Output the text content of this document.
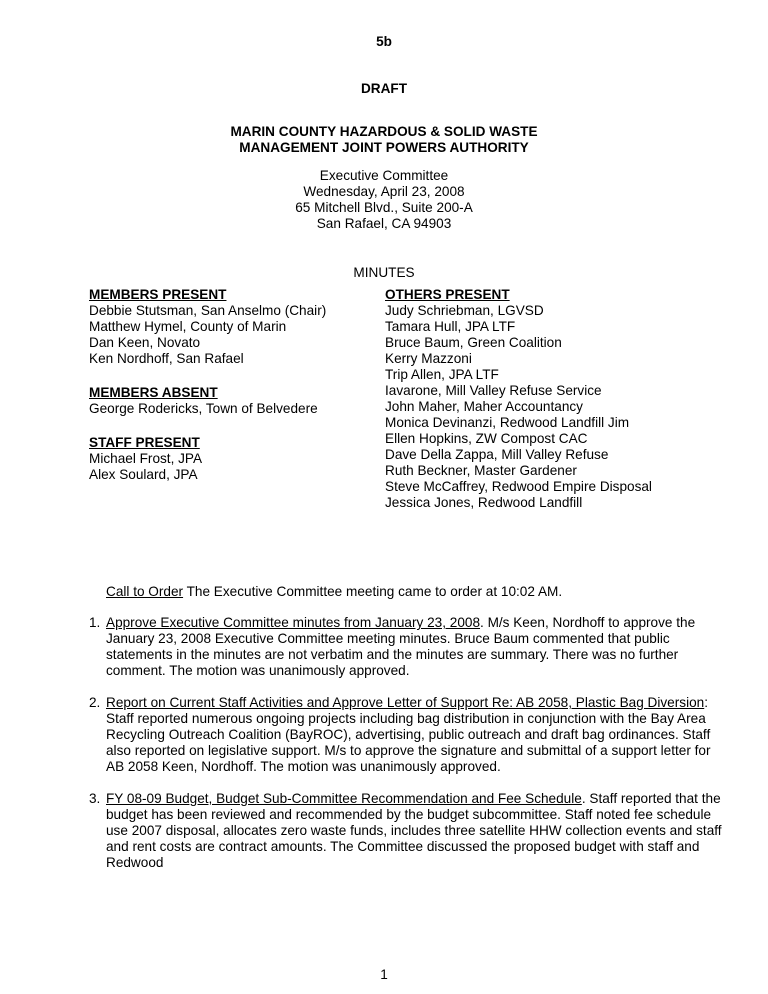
5b
DRAFT
MARIN COUNTY HAZARDOUS & SOLID WASTE
MANAGEMENT JOINT POWERS AUTHORITY
Executive Committee
Wednesday, April 23, 2008
65 Mitchell Blvd., Suite 200-A
San Rafael, CA 94903
MINUTES
MEMBERS PRESENT
Debbie Stutsman, San Anselmo (Chair)
Matthew Hymel, County of Marin
Dan Keen, Novato
Ken Nordhoff, San Rafael
MEMBERS ABSENT
George Rodericks, Town of Belvedere
STAFF PRESENT
Michael Frost, JPA
Alex Soulard, JPA
OTHERS PRESENT
Judy Schriebman, LGVSD
Tamara Hull, JPA LTF
Bruce Baum, Green Coalition
Kerry Mazzoni
Trip Allen, JPA LTF
Iavarone, Mill Valley Refuse Service
John Maher, Maher Accountancy
Monica Devinanzi, Redwood Landfill Jim
Ellen Hopkins, ZW Compost CAC
Dave Della Zappa, Mill Valley Refuse
Ruth Beckner, Master Gardener
Steve McCaffrey, Redwood Empire Disposal
Jessica Jones, Redwood Landfill
Call to Order The Executive Committee meeting came to order at 10:02 AM.
1. Approve Executive Committee minutes from January 23, 2008. M/s Keen, Nordhoff to approve the January 23, 2008 Executive Committee meeting minutes. Bruce Baum commented that public statements in the minutes are not verbatim and the minutes are summary. There was no further comment. The motion was unanimously approved.
2. Report on Current Staff Activities and Approve Letter of Support Re: AB 2058, Plastic Bag Diversion: Staff reported numerous ongoing projects including bag distribution in conjunction with the Bay Area Recycling Outreach Coalition (BayROC), advertising, public outreach and draft bag ordinances. Staff also reported on legislative support. M/s to approve the signature and submittal of a support letter for AB 2058 Keen, Nordhoff. The motion was unanimously approved.
3. FY 08-09 Budget, Budget Sub-Committee Recommendation and Fee Schedule. Staff reported that the budget has been reviewed and recommended by the budget subcommittee. Staff noted fee schedule use 2007 disposal, allocates zero waste funds, includes three satellite HHW collection events and staff and rent costs are contract amounts. The Committee discussed the proposed budget with staff and Redwood
1
